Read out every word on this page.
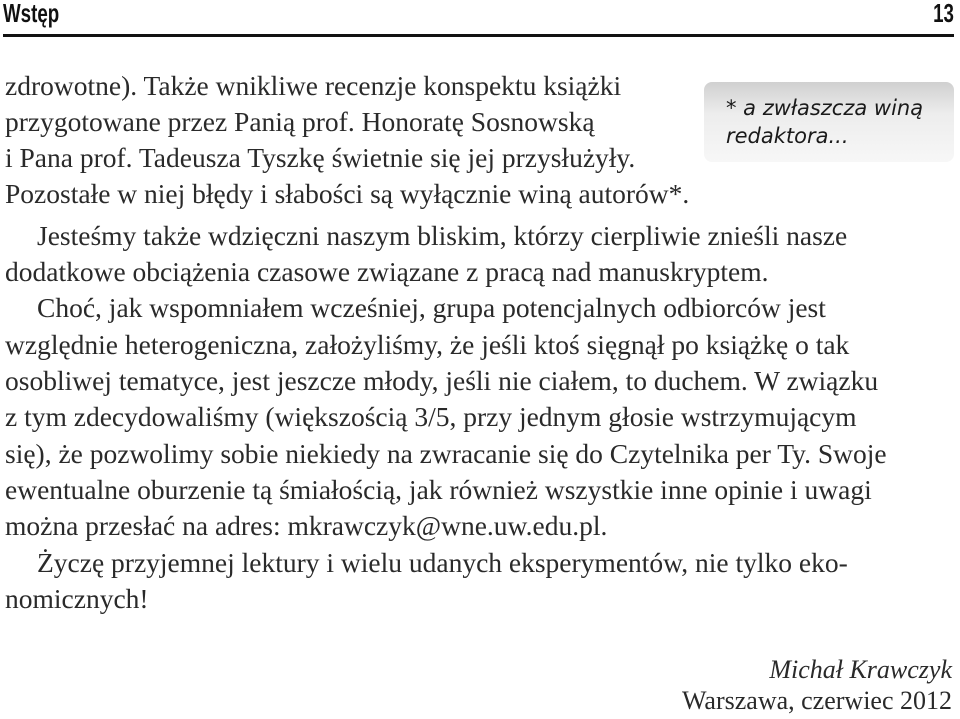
Wstęp	13
* a zwłaszcza winą
redaktora...
zdrowotne). Także wnikliwe recenzje konspektu książki
przygotowane przez Panią prof. Honoratę Sosnowską
i Pana prof. Tadeusza Tyszkę świetnie się jej przysłużyły.
Pozostałe w niej błędy i słabości są wyłącznie winą autorów*.
Jesteśmy także wdzięczni naszym bliskim, którzy cierpliwie znieśli nasze
dodatkowe obciążenia czasowe związane z pracą nad manuskryptem.
Choć, jak wspomniałem wcześniej, grupa potencjalnych odbiorców jest
względnie heterogeniczna, założyliśmy, że jeśli ktoś sięgnął po książkę o tak
osobliwej tematyce, jest jeszcze młody, jeśli nie ciałem, to duchem. W związku
z tym zdecydowaliśmy (większością 3/5, przy jednym głosie wstrzymującym
się), że pozwolimy sobie niekiedy na zwracanie się do Czytelnika per Ty. Swoje
ewentualne oburzenie tą śmiałością, jak również wszystkie inne opinie i uwagi
można przesłać na adres: mkrawczyk@wne.uw.edu.pl.
Życzę przyjemnej lektury i wielu udanych eksperymentów, nie tylko eko-
nomicznych!
Michał Krawczyk
Warszawa, czerwiec 2012
